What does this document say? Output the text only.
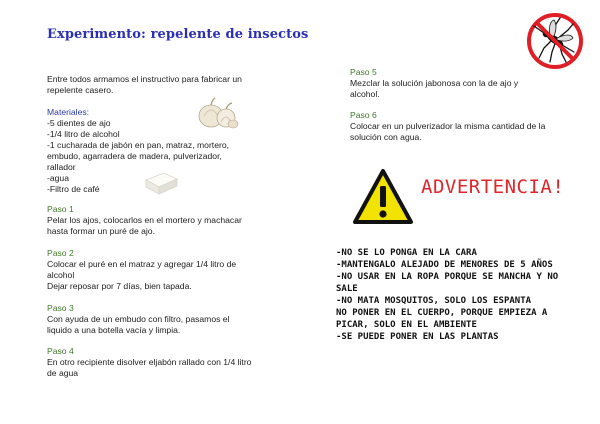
Experimento: repelente de insectos
Entre todos armamos el instructivo para fabricar un repelente casero.
Materiales:
-5 dientes de ajo
-1/4 litro de alcohol
-1 cucharada de jabón en pan, matraz, mortero,
embudo, agarradera de madera, pulverizador,
rallador
-agua
-Filtro de café
Paso 1
Pelar los ajos, colocarlos en el mortero y machacar hasta formar un puré de ajo.
Paso 2
Colocar el puré en el matraz y agregar 1/4 litro de alcohol
Dejar reposar por 7 días, bien tapada.
Paso 3
Con ayuda de un embudo con filtro, pasamos el liquido a una botella vacía y limpia.
Paso 4
En otro recipiente disolver eljabón rallado con 1/4 litro de agua
Paso 5
Mezclar la solución jabonosa con la de ajo y alcohol.
Paso 6
Colocar en un pulverizador la misma cantidad de la solución con agua.
ADVERTENCIA!
-NO SE LO PONGA EN LA CARA
-MANTENGALO ALEJADO DE MENORES DE 5 AÑOS
-NO USAR EN LA ROPA PORQUE SE MANCHA Y NO SALE
-NO MATA MOSQUITOS, SOLO LOS ESPANTA
NO PONER EN EL CUERPO, PORQUE EMPIEZA A PICAR, SOLO EN EL AMBIENTE
-SE PUEDE PONER EN LAS PLANTAS
